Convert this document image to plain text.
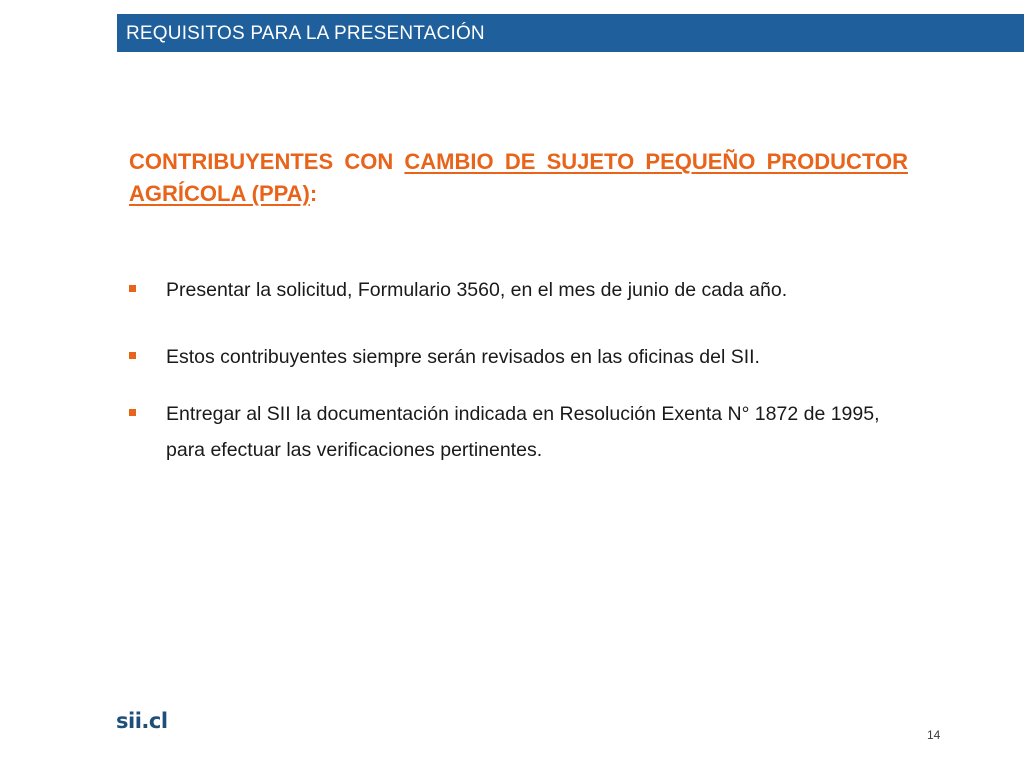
REQUISITOS PARA LA PRESENTACIÓN
CONTRIBUYENTES CON CAMBIO DE SUJETO PEQUEÑO PRODUCTOR AGRÍCOLA (PPA):
Presentar la solicitud, Formulario 3560, en el mes de junio de cada año.
Estos contribuyentes siempre serán revisados en las oficinas del SII.
Entregar al SII la documentación indicada en Resolución Exenta N° 1872 de 1995, para efectuar las verificaciones pertinentes.
sii.cl
14
